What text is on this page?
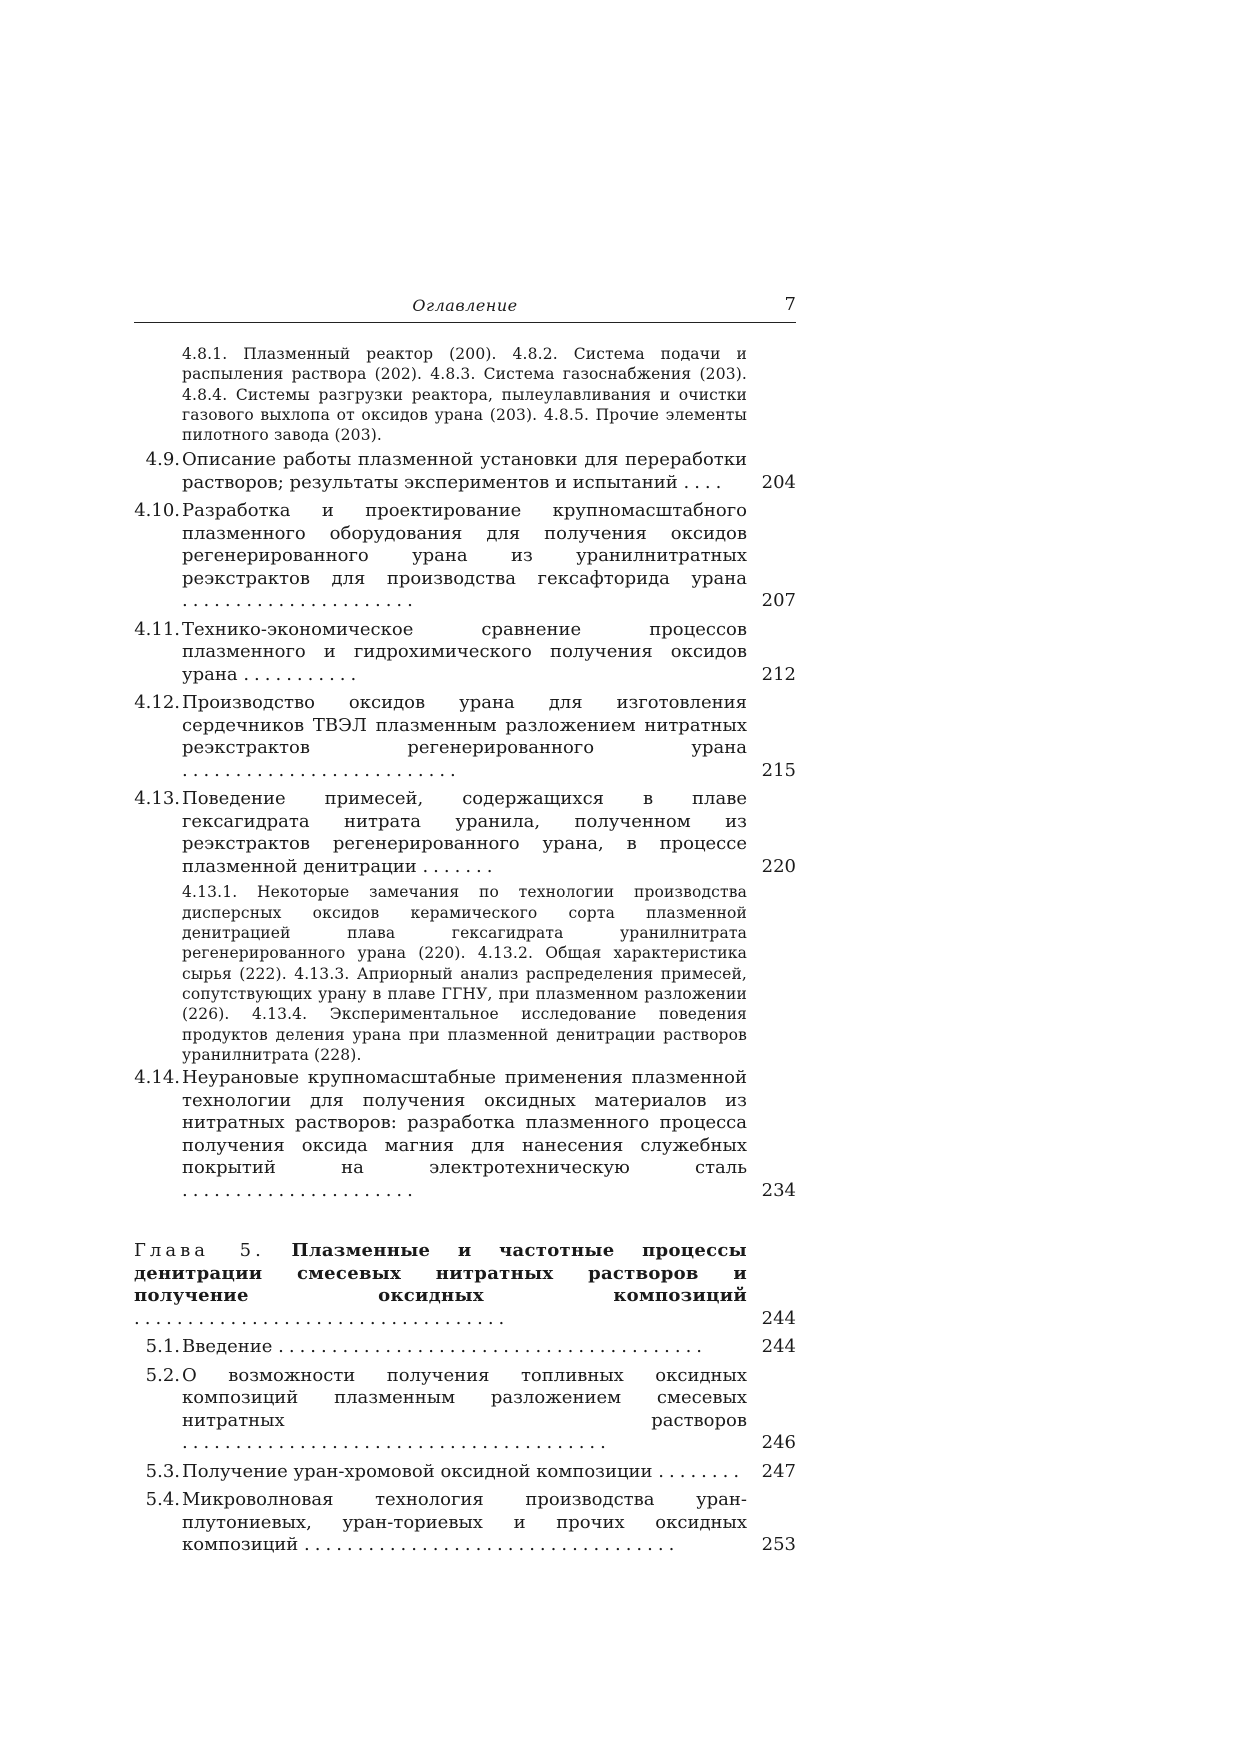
Оглавление	7
4.8.1. Плазменный реактор (200). 4.8.2. Система подачи и распыления раствора (202). 4.8.3. Система газоснабжения (203). 4.8.4. Системы разгрузки реактора, пылеулавливания и очистки газового выхлопа от оксидов урана (203). 4.8.5. Прочие элементы пилотного завода (203).
4.9. Описание работы плазменной установки для переработки растворов; результаты экспериментов и испытаний ....	204
4.10. Разработка и проектирование крупномасштабного плазменного оборудования для получения оксидов регенерированного урана из уранилнитратных реэкстрактов для производства гексафторида урана ......................	207
4.11. Технико-экономическое сравнение процессов плазменного и гидрохимического получения оксидов урана ...........	212
4.12. Производство оксидов урана для изготовления сердечников ТВЭЛ плазменным разложением нитратных реэкстрактов регенерированного урана ..........................	215
4.13. Поведение примесей, содержащихся в плаве гексагидрата нитрата уранила, полученном из реэкстрактов регенерированного урана, в процессе плазменной денитрации .......	220
4.13.1. Некоторые замечания по технологии производства дисперсных оксидов керамического сорта плазменной денитрацией плава гексагидрата уранилнитрата регенерированного урана (220). 4.13.2. Общая характеристика сырья (222). 4.13.3. Априорный анализ распределения примесей, сопутствующих урану в плаве ГГНУ, при плазменном разложении (226). 4.13.4. Экспериментальное исследование поведения продуктов деления урана при плазменной денитрации растворов уранилнитрата (228).
4.14. Неурановые крупномасштабные применения плазменной технологии для получения оксидных материалов из нитратных растворов: разработка плазменного процесса получения оксида магния для нанесения служебных покрытий на электротехническую сталь ......................	234
Глава 5. Плазменные и частотные процессы денитрации смесевых нитратных растворов и получение оксидных композиций ...................................	244
5.1. Введение ........................................	244
5.2. О возможности получения топливных оксидных композиций плазменным разложением смесевых нитратных растворов ........................................	246
5.3. Получение уран-хромовой оксидной композиции ........ 247
5.4. Микроволновая технология производства уран-плутониевых, уран-ториевых и прочих оксидных композиций ...................................	253
